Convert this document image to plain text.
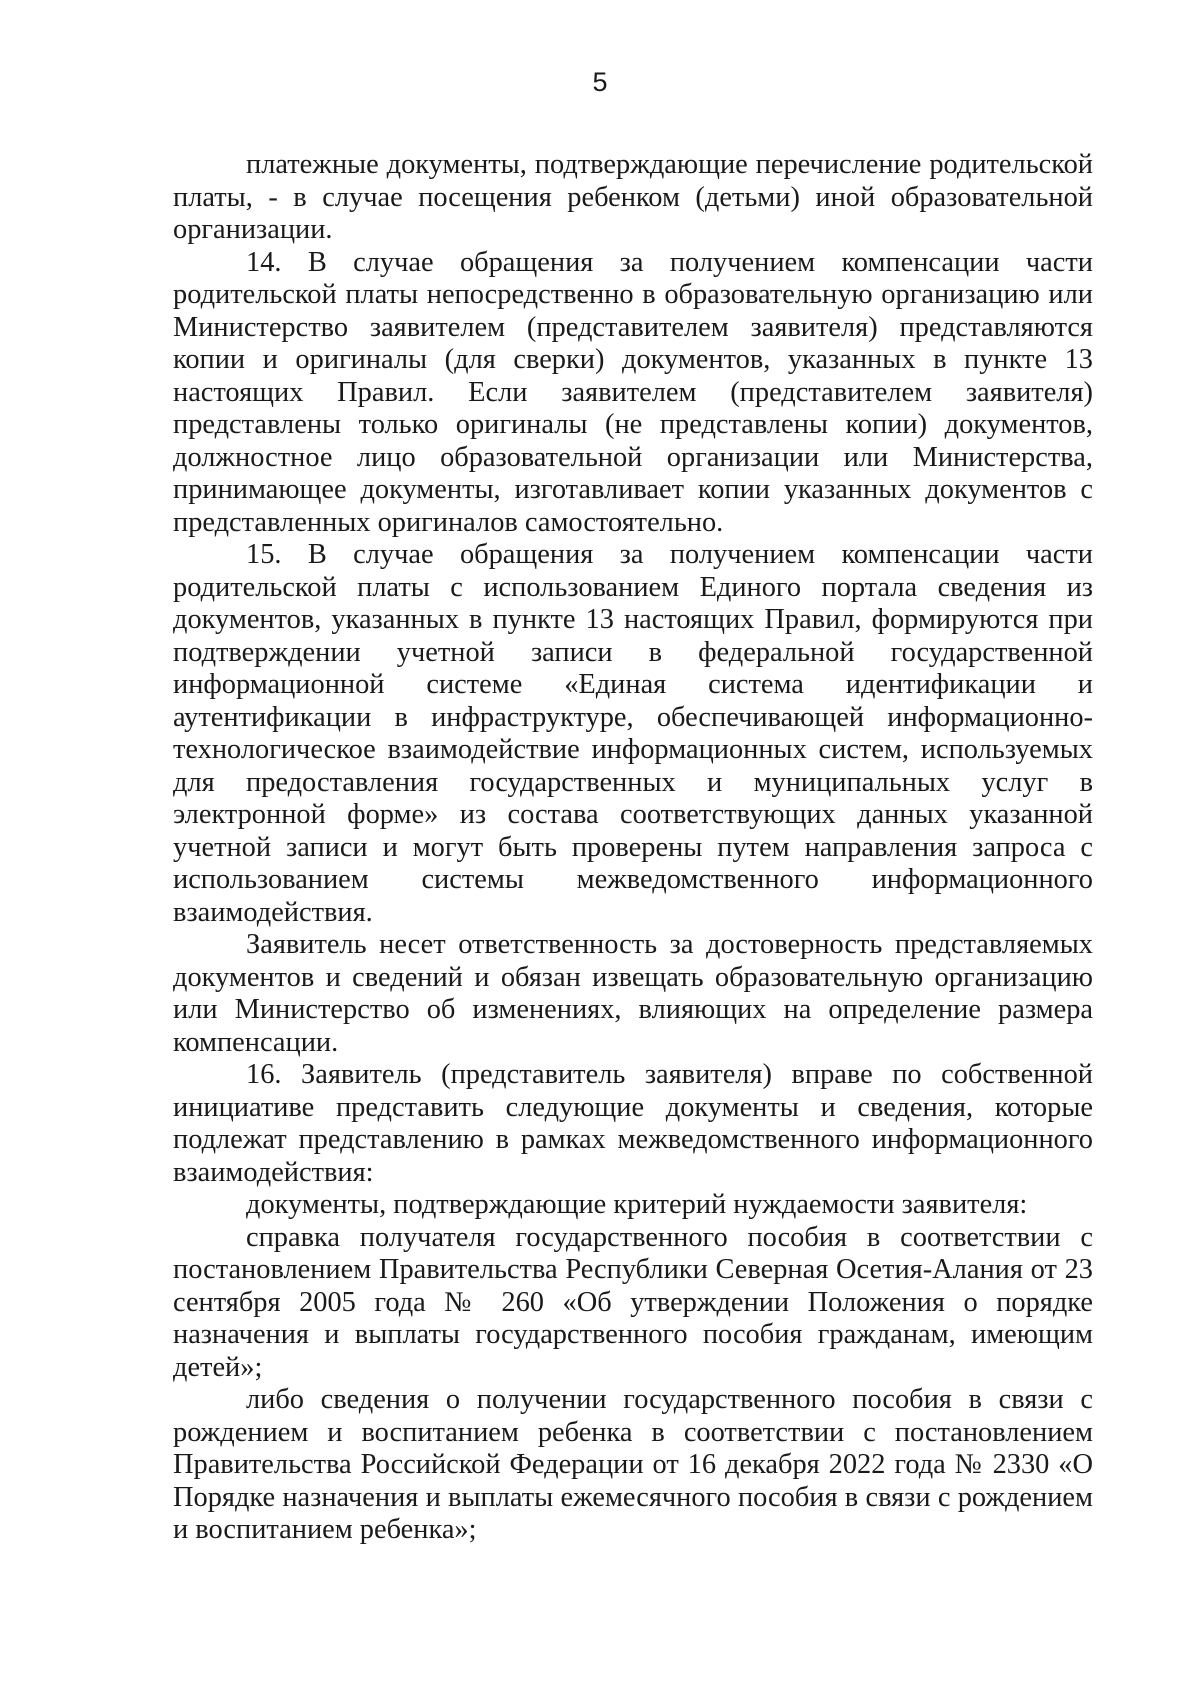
5

платежные документы, подтверждающие перечисление родительской платы, - в случае посещения ребенком (детьми) иной образовательной организации.

14. В случае обращения за получением компенсации части родительской платы непосредственно в образовательную организацию или Министерство заявителем (представителем заявителя) представляются копии и оригиналы (для сверки) документов, указанных в пункте 13 настоящих Правил. Если заявителем (представителем заявителя) представлены только оригиналы (не представлены копии) документов, должностное лицо образовательной организации или Министерства, принимающее документы, изготавливает копии указанных документов с представленных оригиналов самостоятельно.

15. В случае обращения за получением компенсации части родительской платы с использованием Единого портала сведения из документов, указанных в пункте 13 настоящих Правил, формируются при подтверждении учетной записи в федеральной государственной информационной системе «Единая система идентификации и аутентификации в инфраструктуре, обеспечивающей информационно-технологическое взаимодействие информационных систем, используемых для предоставления государственных и муниципальных услуг в электронной форме» из состава соответствующих данных указанной учетной записи и могут быть проверены путем направления запроса с использованием системы межведомственного информационного взаимодействия.

Заявитель несет ответственность за достоверность представляемых документов и сведений и обязан извещать образовательную организацию или Министерство об изменениях, влияющих на определение размера компенсации.

16. Заявитель (представитель заявителя) вправе по собственной инициативе представить следующие документы и сведения, которые подлежат представлению в рамках межведомственного информационного взаимодействия:

документы, подтверждающие критерий нуждаемости заявителя:

справка получателя государственного пособия в соответствии с постановлением Правительства Республики Северная Осетия-Алания от 23 сентября 2005 года № 260 «Об утверждении Положения о порядке назначения и выплаты государственного пособия гражданам, имеющим детей»;

либо сведения о получении государственного пособия в связи с рождением и воспитанием ребенка в соответствии с постановлением Правительства Российской Федерации от 16 декабря 2022 года № 2330 «О Порядке назначения и выплаты ежемесячного пособия в связи с рождением и воспитанием ребенка»;
